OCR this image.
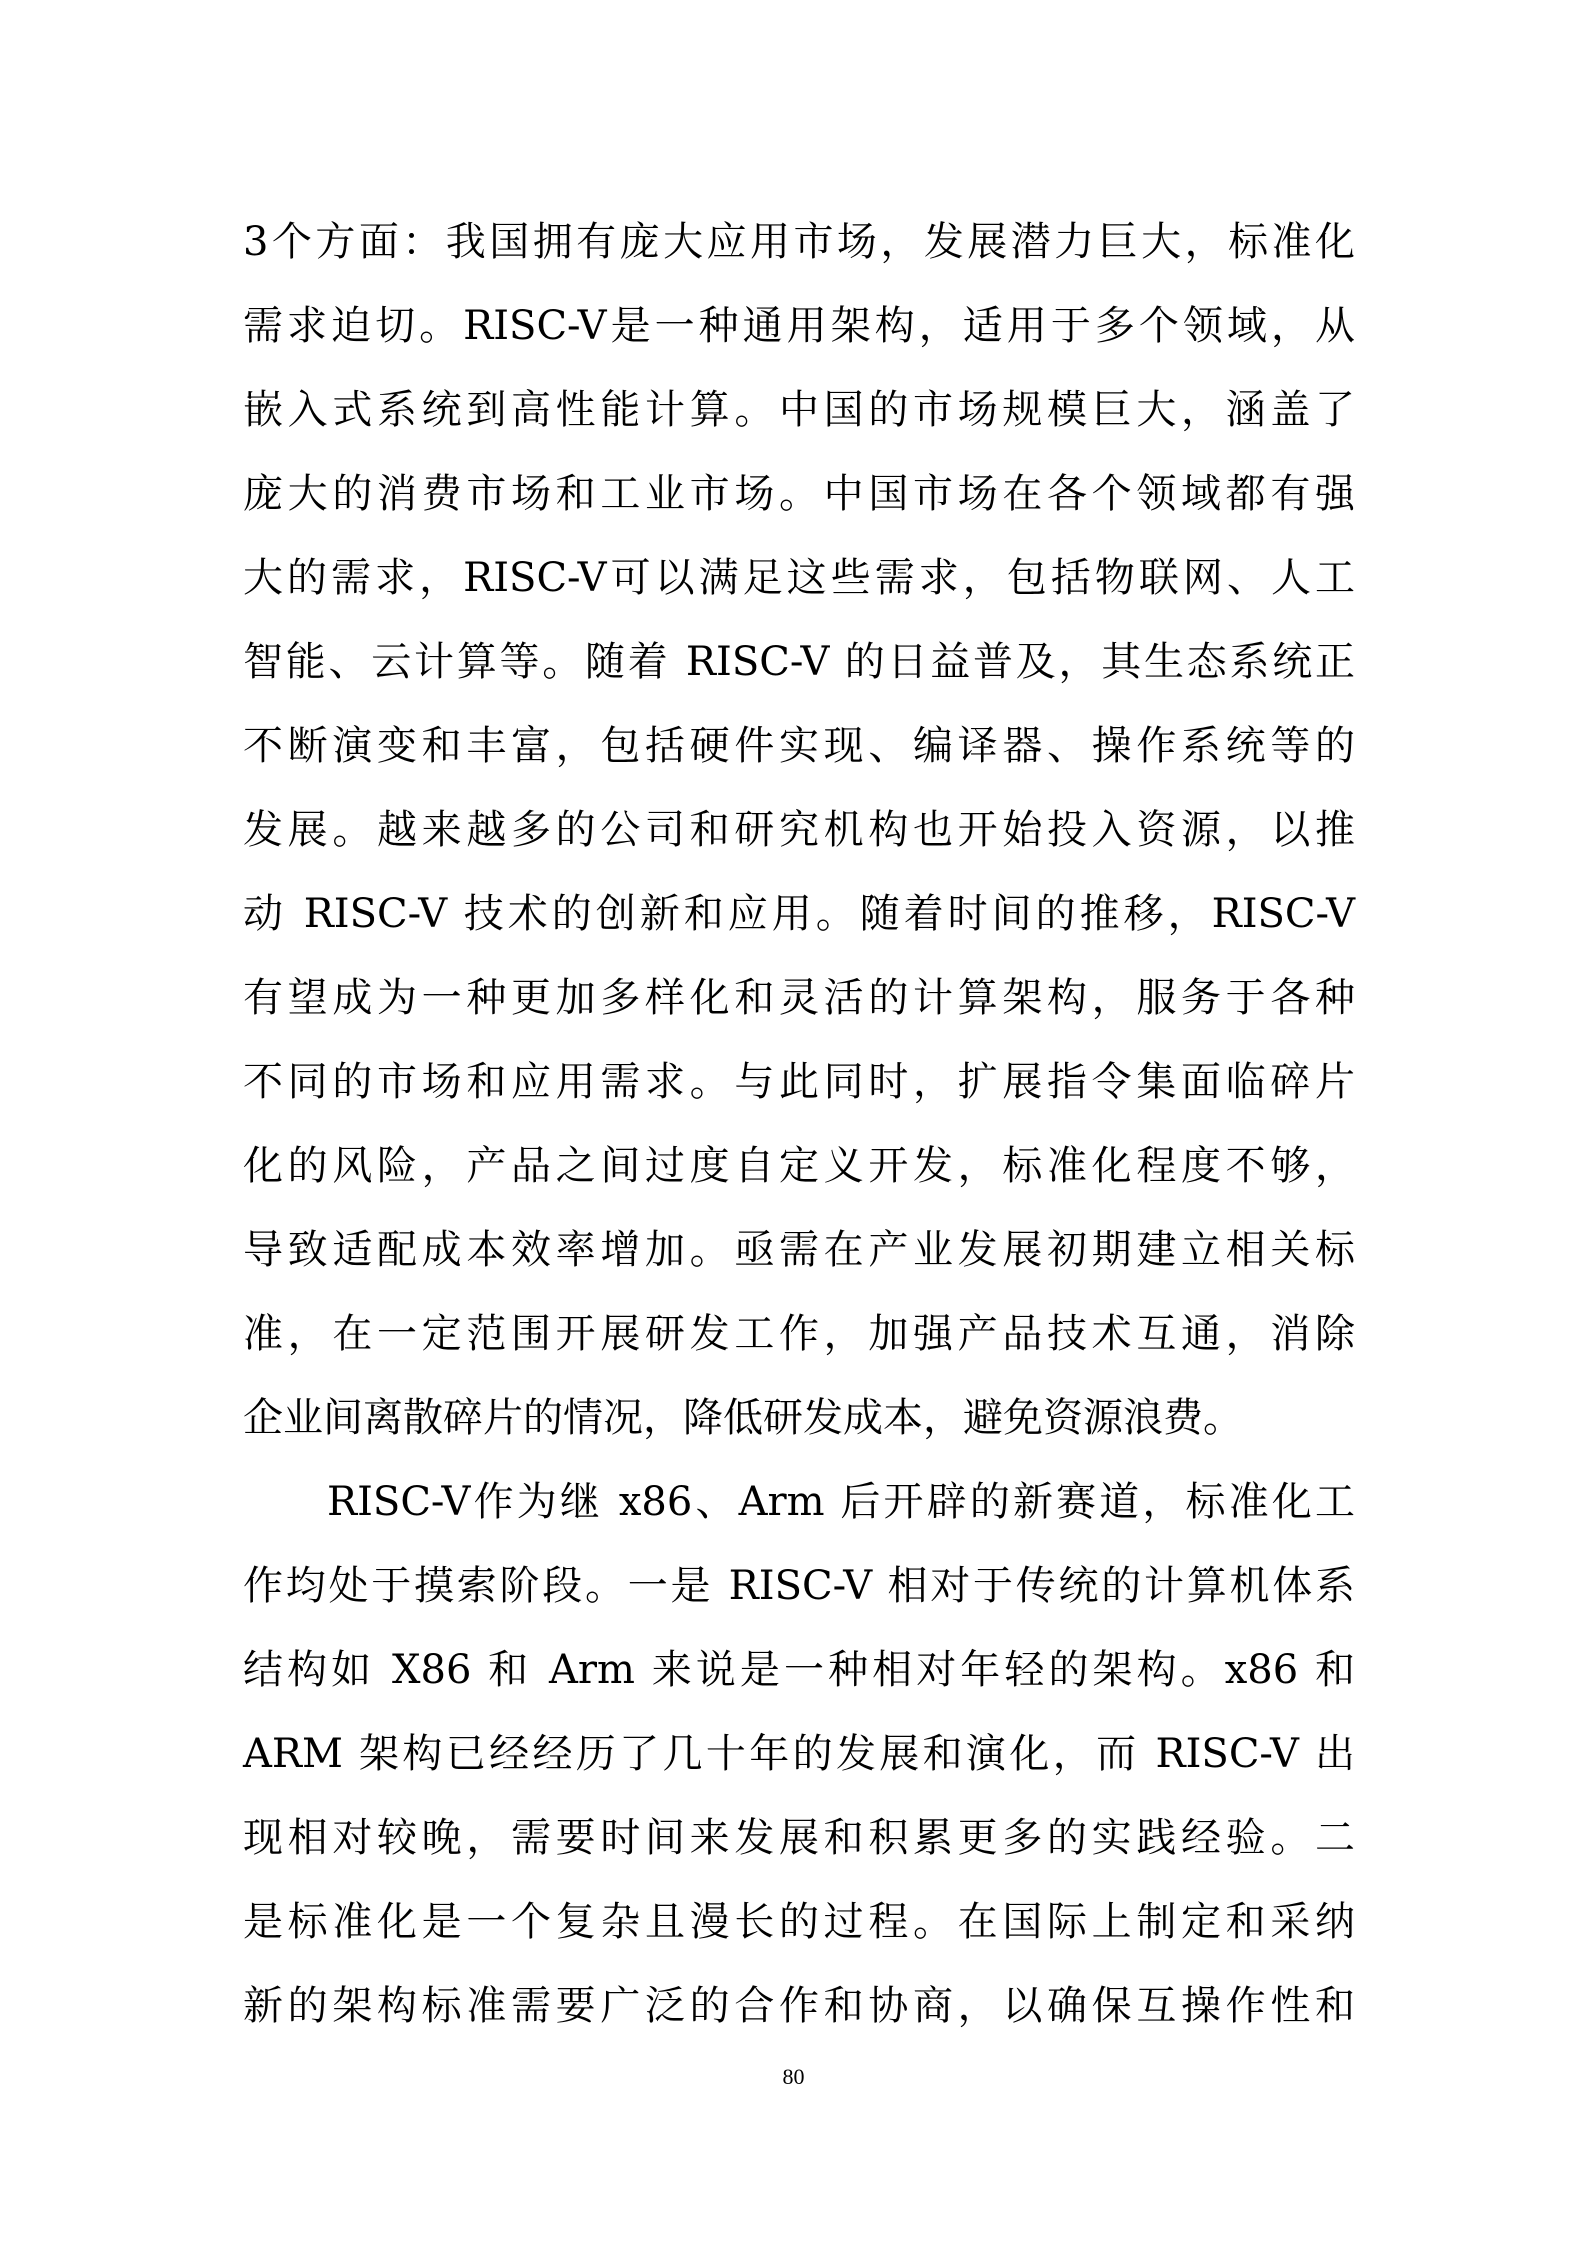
3个方面：我国拥有庞大应用市场，发展潜力巨大，标准化
需求迫切。RISC-V是一种通用架构，适用于多个领域，从
嵌入式系统到高性能计算。中国的市场规模巨大，涵盖了
庞大的消费市场和工业市场。中国市场在各个领域都有强
大的需求，RISC-V可以满足这些需求，包括物联网、人工
智能、云计算等。随着 RISC-V 的日益普及，其生态系统正
不断演变和丰富，包括硬件实现、编译器、操作系统等的
发展。越来越多的公司和研究机构也开始投入资源，以推
动 RISC-V 技术的创新和应用。随着时间的推移，RISC-V
有望成为一种更加多样化和灵活的计算架构，服务于各种
不同的市场和应用需求。与此同时，扩展指令集面临碎片
化的风险，产品之间过度自定义开发，标准化程度不够，
导致适配成本效率增加。亟需在产业发展初期建立相关标
准，在一定范围开展研发工作，加强产品技术互通，消除
企业间离散碎片的情况，降低研发成本，避免资源浪费。
RISC-V作为继 x86、Arm 后开辟的新赛道，标准化工
作均处于摸索阶段。一是 RISC-V 相对于传统的计算机体系
结构如 X86 和 Arm 来说是一种相对年轻的架构。x86 和
ARM 架构已经经历了几十年的发展和演化，而 RISC-V 出
现相对较晚，需要时间来发展和积累更多的实践经验。二
是标准化是一个复杂且漫长的过程。在国际上制定和采纳
新的架构标准需要广泛的合作和协商，以确保互操作性和
80
